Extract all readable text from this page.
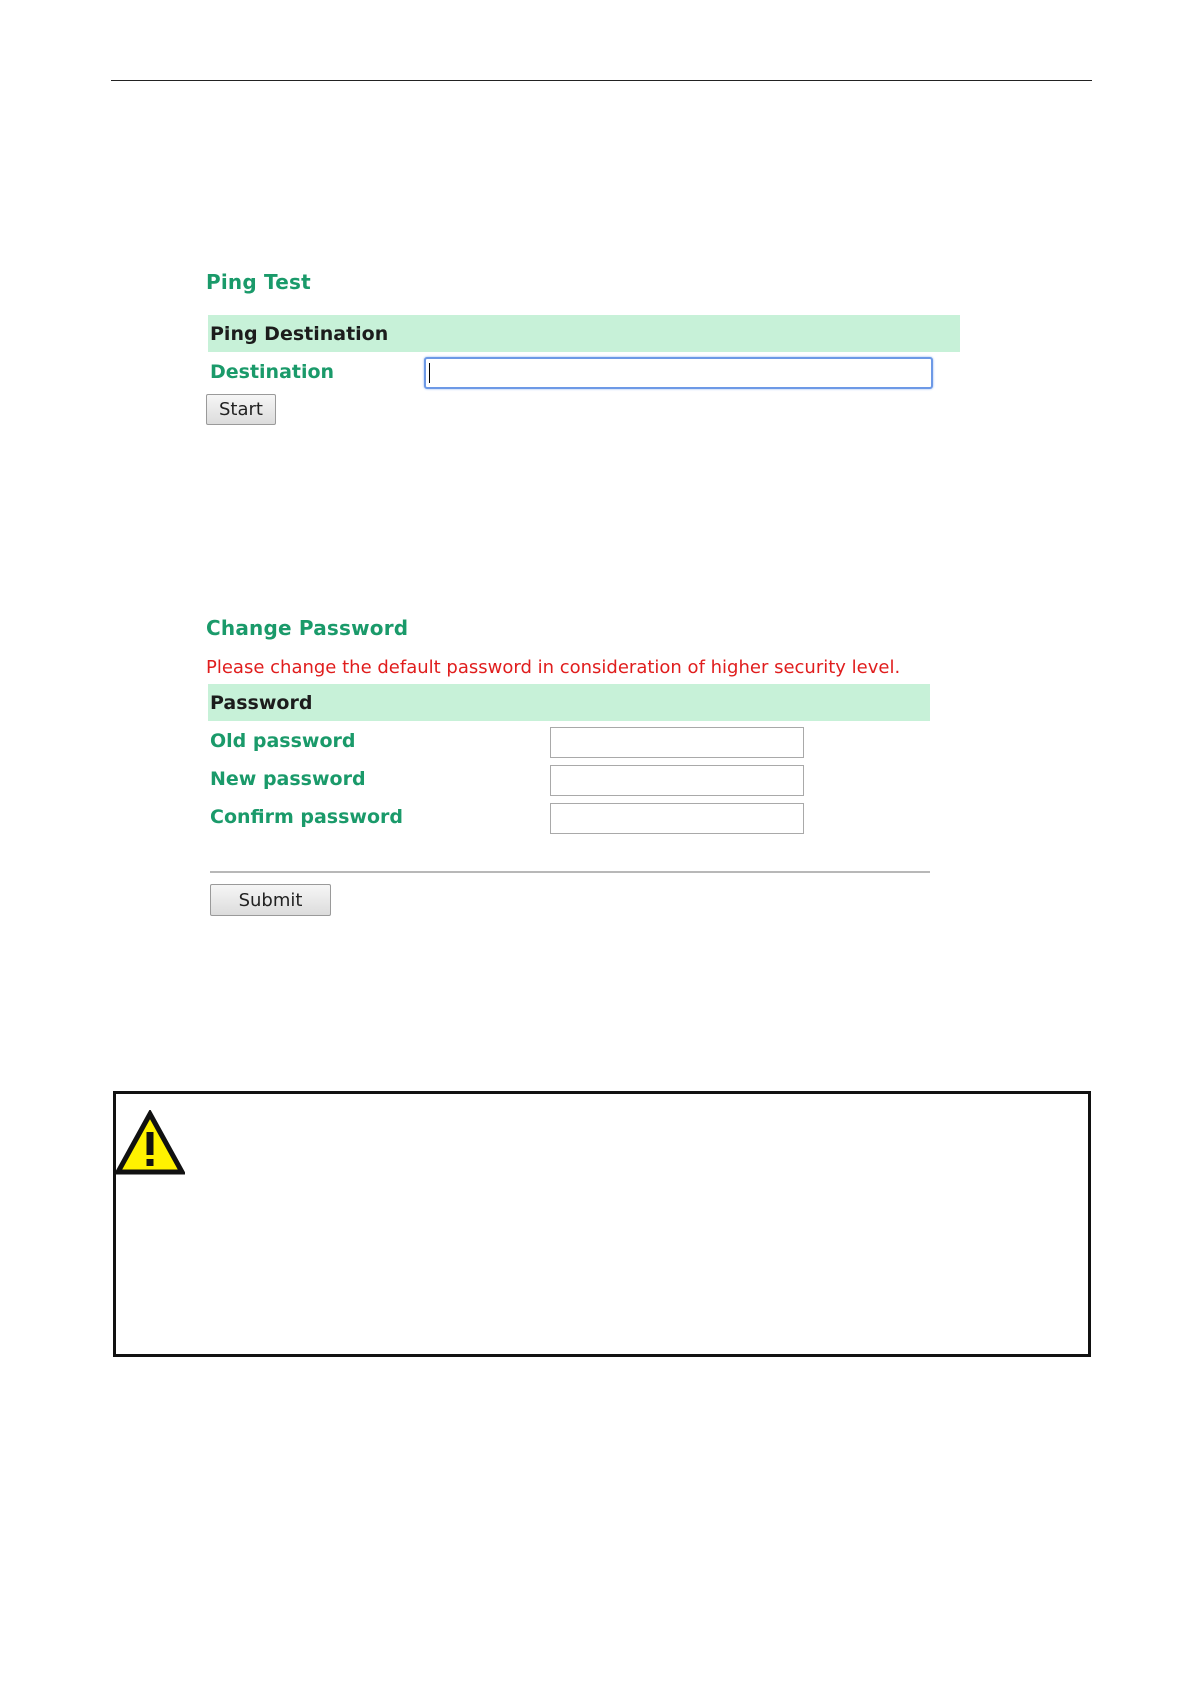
Ping Test
Ping Destination
Destination
Start
Change Password
Please change the default password in consideration of higher security level.
Password
Old password
New password
Confirm password
Submit
